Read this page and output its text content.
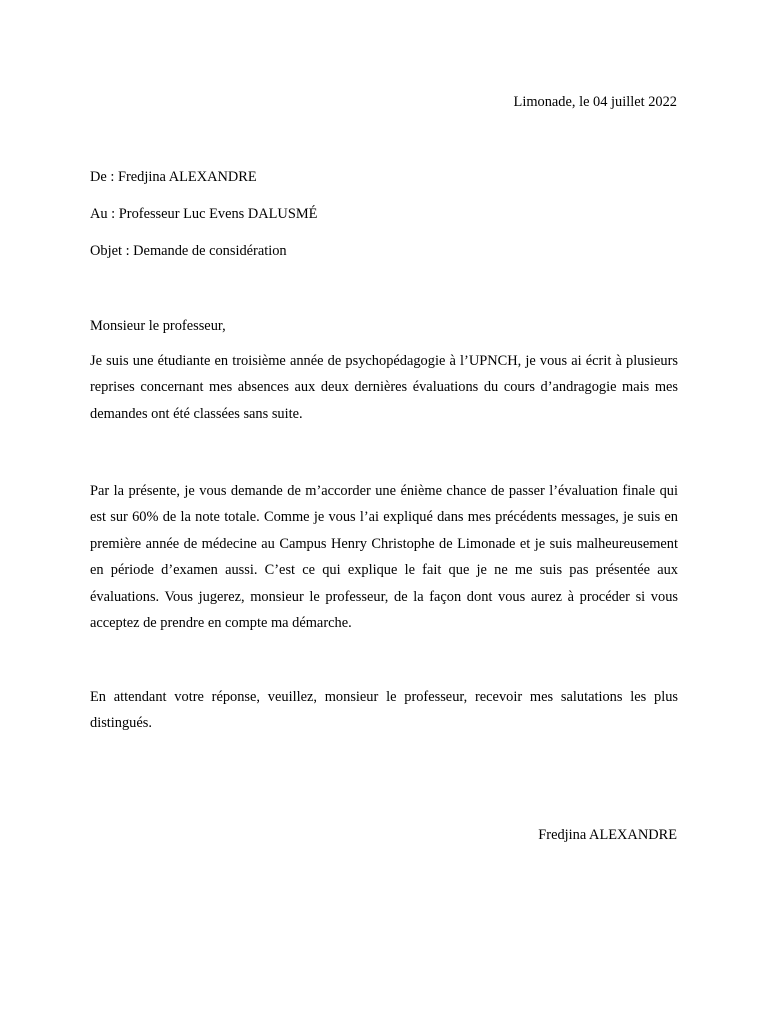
Limonade, le 04 juillet 2022
De : Fredjina ALEXANDRE
Au : Professeur Luc Evens DALUSMÉ
Objet : Demande de considération
Monsieur le professeur,

Je suis une étudiante en troisième année de psychopédagogie à l’UPNCH, je vous ai écrit à plusieurs reprises concernant mes absences aux deux dernières évaluations du cours d’andragogie mais mes demandes ont été classées sans suite.

Par la présente, je vous demande de m’accorder une énième chance de passer l’évaluation finale qui est sur 60% de la note totale. Comme je vous l’ai expliqué dans mes précédents messages, je suis en première année de médecine au Campus Henry Christophe de Limonade et je suis malheureusement en période d’examen aussi. C’est ce qui explique le fait que je ne me suis pas présentée aux évaluations. Vous jugerez, monsieur le professeur, de la façon dont vous aurez à procéder si vous acceptez de prendre en compte ma démarche.

En attendant votre réponse, veuillez, monsieur le professeur, recevoir mes salutations les plus distingués.

Fredjina ALEXANDRE
